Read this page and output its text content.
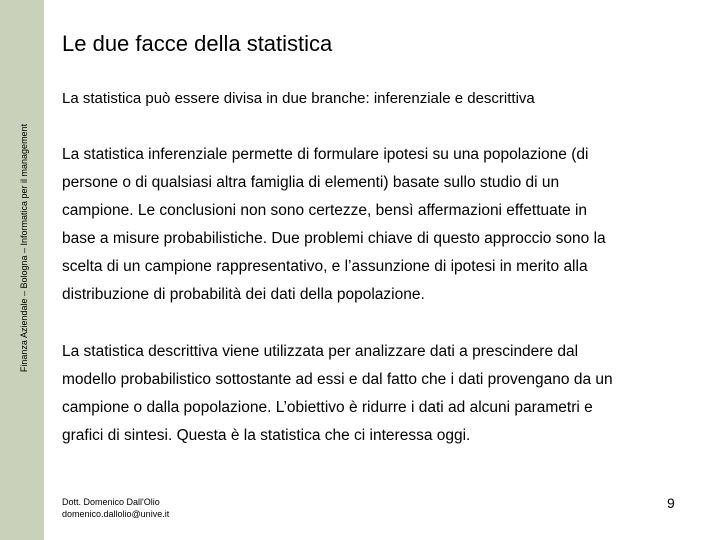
Finanza Aziendale – Bologna – Informatica per il management
Le due facce della statistica
La statistica può essere divisa in due branche: inferenziale e descrittiva
La statistica inferenziale permette di formulare ipotesi su una popolazione (di
persone o di qualsiasi altra famiglia di elementi) basate sullo studio di un
campione. Le conclusioni non sono certezze, bensì affermazioni effettuate in
base a misure probabilistiche. Due problemi chiave di questo approccio sono la
scelta di un campione rappresentativo, e l’assunzione di ipotesi in merito alla
distribuzione di probabilità dei dati della popolazione.
La statistica descrittiva viene utilizzata per analizzare dati a prescindere dal
modello probabilistico sottostante ad essi e dal fatto che i dati provengano da un
campione o dalla popolazione. L’obiettivo è ridurre i dati ad alcuni parametri e
grafici di sintesi. Questa è la statistica che ci interessa oggi.
Dott. Domenico Dall'Olio
domenico.dallolio@unive.it
9
